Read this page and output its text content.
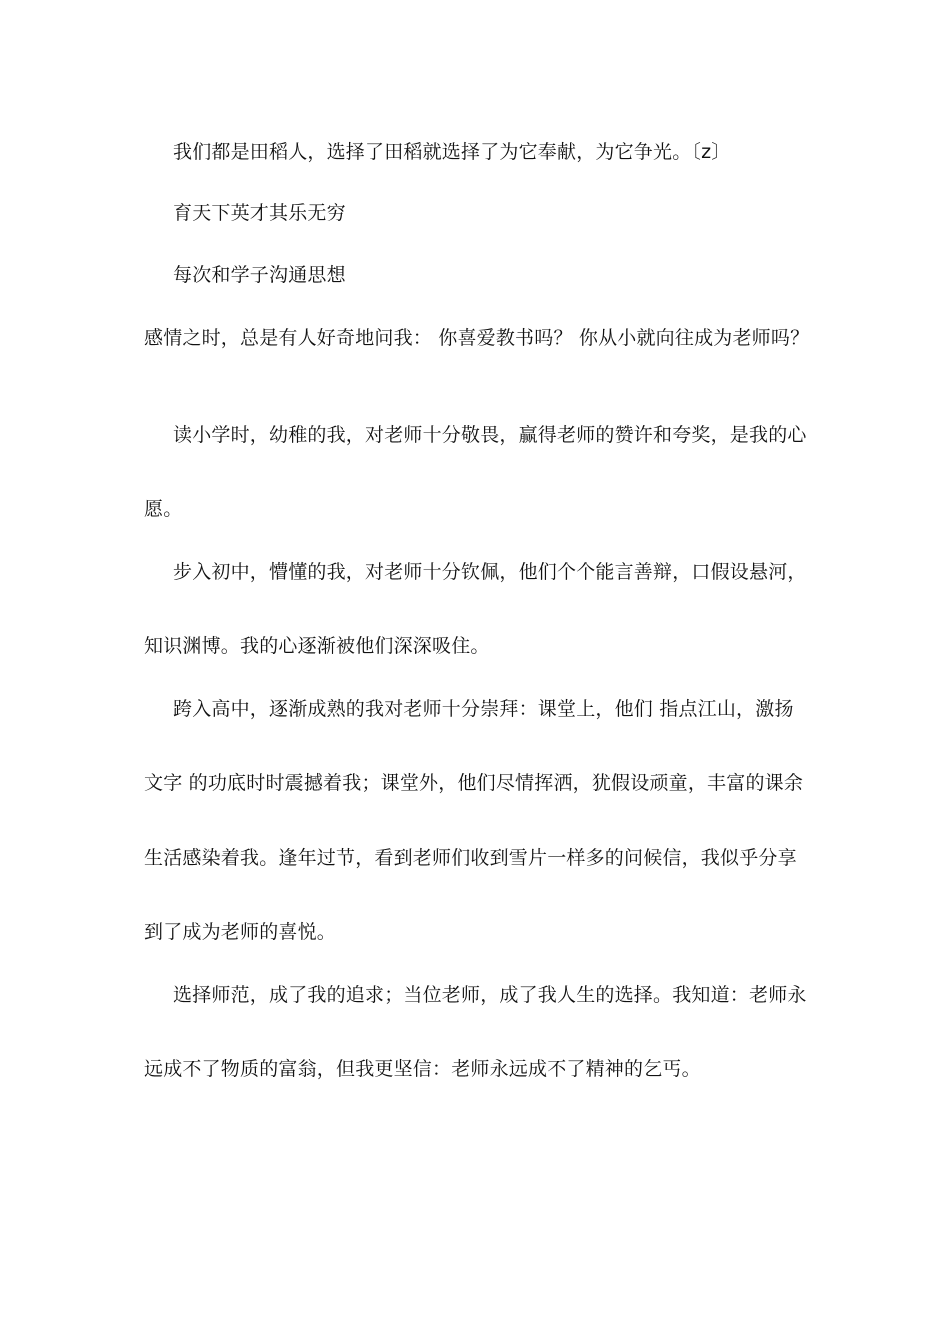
我们都是田稻人，选择了田稻就选择了为它奉献，为它争光。〔z〕
育天下英才其乐无穷
每次和学子沟通思想
感情之时，总是有人好奇地问我： 你喜爱教书吗？ 你从小就向往成为老师吗？
读小学时，幼稚的我，对老师十分敬畏，赢得老师的赞许和夸奖，是我的心
愿。
步入初中，懵懂的我，对老师十分钦佩，他们个个能言善辩，口假设悬河，
知识渊博。我的心逐渐被他们深深吸住。
跨入高中，逐渐成熟的我对老师十分崇拜：课堂上，他们 指点江山，激扬
文字 的功底时时震撼着我；课堂外，他们尽情挥洒，犹假设顽童，丰富的课余
生活感染着我。逢年过节，看到老师们收到雪片一样多的问候信，我似乎分享
到了成为老师的喜悦。
选择师范，成了我的追求；当位老师，成了我人生的选择。我知道：老师永
远成不了物质的富翁，但我更坚信：老师永远成不了精神的乞丐。
